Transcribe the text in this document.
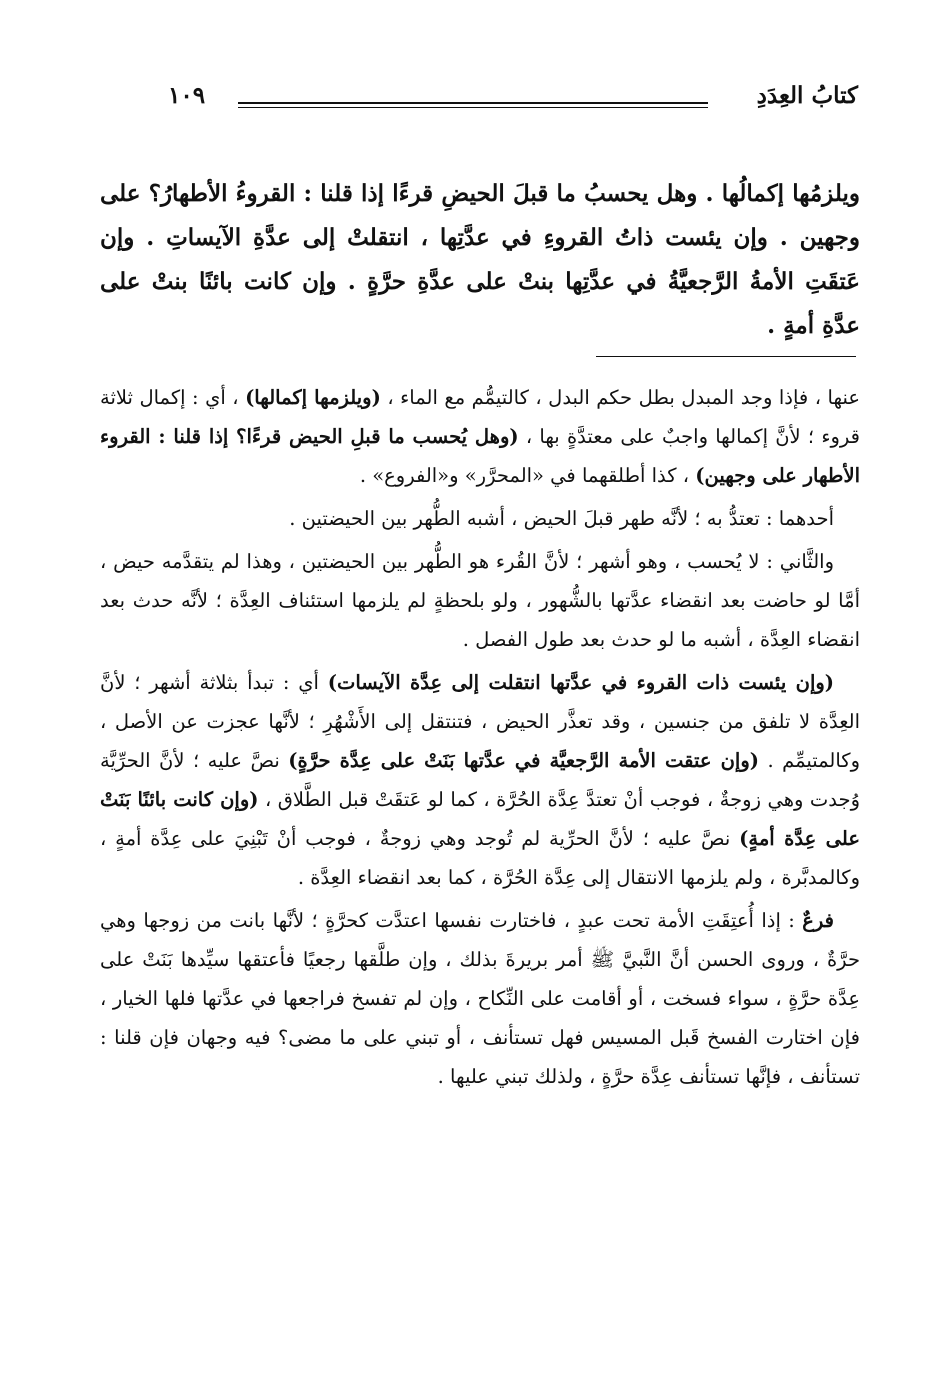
كتابُ العِدَدِ
١٠٩
ويلزمُها إكمالُها . وهل يحسبُ ما قبلَ الحيضِ قرءًا إذا قلنا : القروءُ الأطهارُ؟ على وجهين . وإن يئست ذاتُ القروءِ في عدَّتِها ، انتقلتْ إلى عدَّةِ الآيساتِ . وإن عَتقَتِ الأمةُ الرَّجعيَّةُ في عدَّتِها بنتْ على عدَّةِ حرَّةٍ . وإن كانت بائنًا بنتْ على عدَّةِ أمةٍ .

عنها ، فإذا وجد المبدل بطل حكم البدل ، كالتيمُّم مع الماء ، (ويلزمها إكمالها) ، أي : إكمال ثلاثة قروء ؛ لأنَّ إكمالها واجبٌ على معتدَّةٍ بها ، (وهل يُحسب ما قبلِ الحيض قرءًا؟ إذا قلنا : القروء الأطهار على وجهين) ، كذا أطلقهما في «المحرَّر» و«الفروع» .

أحدهما : تعتدُّ به ؛ لأنَّه طهر قبلَ الحيض ، أشبه الطُّهر بين الحيضتين .

والثَّاني : لا يُحسب ، وهو أشهر ؛ لأنَّ القُرء هو الطُّهر بين الحيضتين ، وهذا لم يتقدَّمه حيض ، أمَّا لو حاضت بعد انقضاء عدَّتها بالشُّهور ، ولو بلحظةٍ لم يلزمها استئناف العِدَّة ؛ لأنَّه حدث بعد انقضاء العِدَّة ، أشبه ما لو حدث بعد طول الفصل .

(وإن يئست ذات القروء في عدَّتها انتقلت إلى عِدَّة الآيسات) أي : تبدأ بثلاثة أشهر ؛ لأنَّ العِدَّة لا تلفق من جنسين ، وقد تعذَّر الحيض ، فتنتقل إلى الأَشْهُرِ ؛ لأنَّها عجزت عن الأصل ، وكالمتيمِّم . (وإن عتقت الأمة الرَّجعيَّة في عدَّتها بَنَتْ على عِدَّة حرَّةٍ) نصَّ عليه ؛ لأنَّ الحرِّيَّة وُجدت وهي زوجةٌ ، فوجب أنْ تعتدَّ عِدَّة الحُرَّة ، كما لو عَتقَتْ قبل الطَّلاق ، (وإن كانت بائنًا بَنَتْ على عِدَّة أمةٍ) نصَّ عليه ؛ لأنَّ الحرِّية لم تُوجد وهي زوجةٌ ، فوجب أنْ تَبْنِيَ على عِدَّة أمةٍ ، وكالمدبَّرة ، ولم يلزمها الانتقال إلى عِدَّة الحُرَّة ، كما بعد انقضاء العِدَّة .

فرعٌ : إذا أُعتِقَتِ الأمة تحت عبدٍ ، فاختارت نفسها اعتدَّت كحرَّةٍ ؛ لأنَّها بانت من زوجها وهي حرَّةٌ ، وروى الحسن أنَّ النَّبيَّ ﷺ أمر بريرةَ بذلك ، وإن طلَّقها رجعيًا فأعتقها سيِّدها بَنَتْ على عِدَّة حرَّةٍ ، سواء فسخت ، أو أقامت على النِّكاح ، وإن لم تفسخ فراجعها في عدَّتها فلها الخيار ، فإن اختارت الفسخ قَبل المسيس فهل تستأنف ، أو تبني على ما مضى؟ فيه وجهان فإن قلنا : تستأنف ، فإنَّها تستأنف عِدَّة حرَّةٍ ، ولذلك تبني عليها .
